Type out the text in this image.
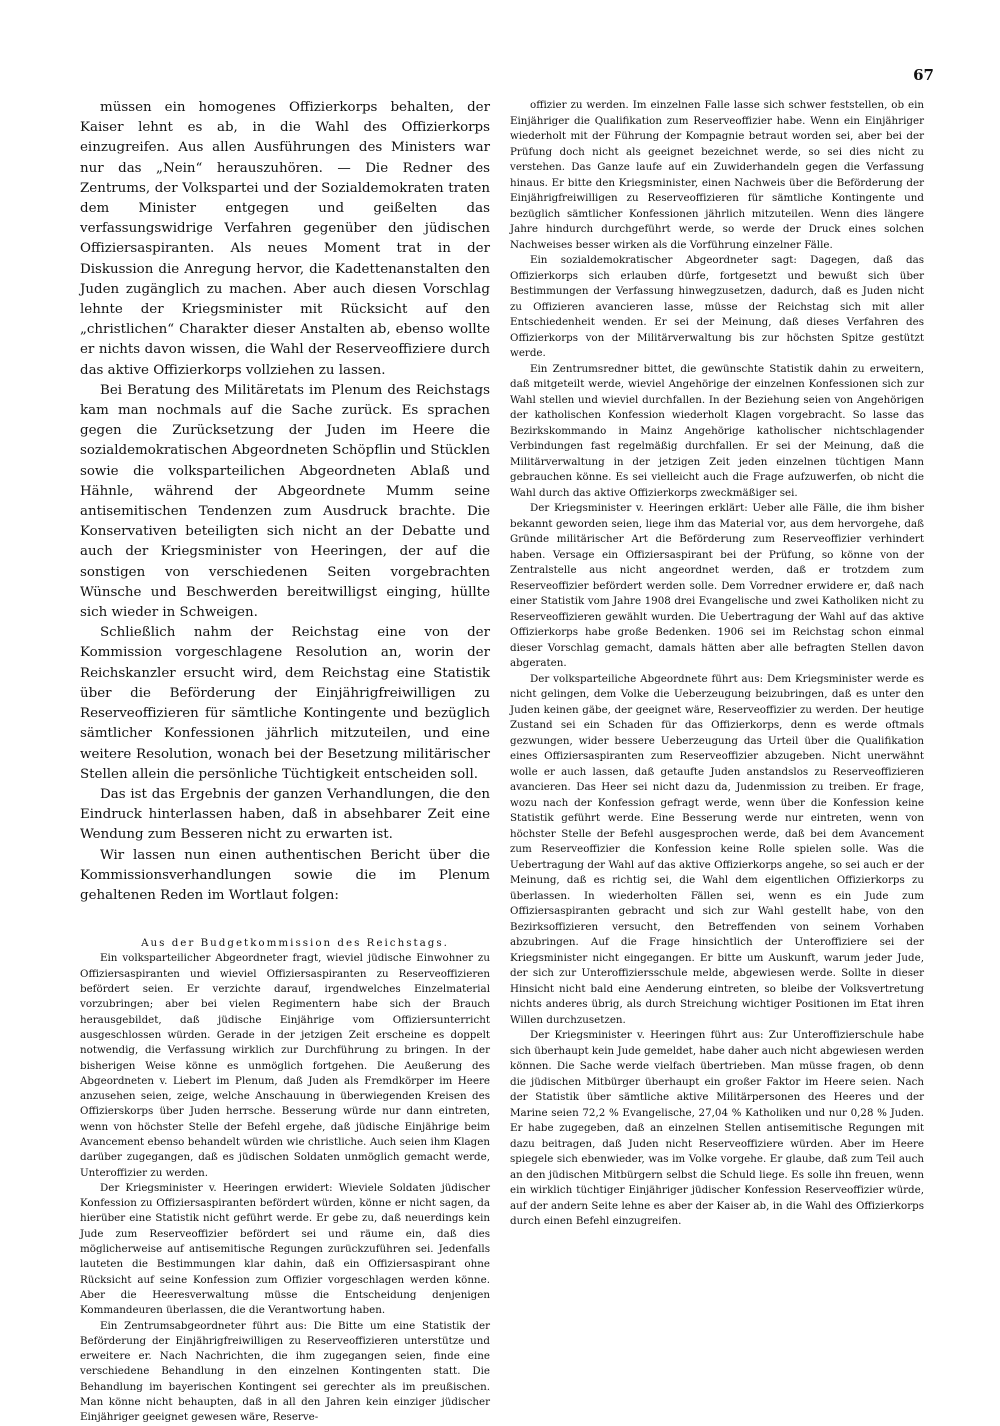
67

müssen ein homogenes Offizierkorps behalten, der Kaiser lehnt es ab, in die Wahl des Offizierkorps einzugreifen. Aus allen Ausführungen des Ministers war nur das „Nein“ herauszuhören. — Die Redner des Zentrums, der Volkspartei und der Sozialdemokraten traten dem Minister entgegen und geißelten das verfassungswidrige Verfahren gegenüber den jüdischen Offiziersaspiranten. Als neues Moment trat in der Diskussion die Anregung hervor, die Kadettenanstalten den Juden zugänglich zu machen. Aber auch diesen Vorschlag lehnte der Kriegsminister mit Rücksicht auf den „christlichen“ Charakter dieser Anstalten ab, ebenso wollte er nichts davon wissen, die Wahl der Reserveoffiziere durch das aktive Offizierkorps vollziehen zu lassen.

Bei Beratung des Militäretats im Plenum des Reichstags kam man nochmals auf die Sache zurück. Es sprachen gegen die Zurücksetzung der Juden im Heere die sozialdemokratischen Abgeordneten Schöpflin und Stücklen sowie die volksparteilichen Abgeordneten Ablaß und Hähnle, während der Abgeordnete Mumm seine antisemitischen Tendenzen zum Ausdruck brachte. Die Konservativen beteiligten sich nicht an der Debatte und auch der Kriegsminister von Heeringen, der auf die sonstigen von verschiedenen Seiten vorgebrachten Wünsche und Beschwerden bereitwilligst einging, hüllte sich wieder in Schweigen.

Schließlich nahm der Reichstag eine von der Kommission vorgeschlagene Resolution an, worin der Reichskanzler ersucht wird, dem Reichstag eine Statistik über die Beförderung der Einjährigfreiwilligen zu Reserveoffizieren für sämtliche Kontingente und bezüglich sämtlicher Konfessionen jährlich mitzuteilen, und eine weitere Resolution, wonach bei der Besetzung militärischer Stellen allein die persönliche Tüchtigkeit entscheiden soll.

Das ist das Ergebnis der ganzen Verhandlungen, die den Eindruck hinterlassen haben, daß in absehbarer Zeit eine Wendung zum Besseren nicht zu erwarten ist.

Wir lassen nun einen authentischen Bericht über die Kommissionsverhandlungen sowie die im Plenum gehaltenen Reden im Wortlaut folgen:

Aus der Budgetkommission des Reichstags.

Ein volksparteilicher Abgeordneter fragt, wieviel jüdische Einwohner zu Offiziersaspiranten und wieviel Offiziersaspiranten zu Reserveoffizieren befördert seien. Er verzichte darauf, irgendwelches Einzelmaterial vorzubringen; aber bei vielen Regimentern habe sich der Brauch herausgebildet, daß jüdische Einjährige vom Offiziersunterricht ausgeschlossen würden. Gerade in der jetzigen Zeit erscheine es doppelt notwendig, die Verfassung wirklich zur Durchführung zu bringen. In der bisherigen Weise könne es unmöglich fortgehen. Die Aeußerung des Abgeordneten v. Liebert im Plenum, daß Juden als Fremdkörper im Heere anzusehen seien, zeige, welche Anschauung in überwiegenden Kreisen des Offizierskorps über Juden herrsche. Besserung würde nur dann eintreten, wenn von höchster Stelle der Befehl ergehe, daß jüdische Einjährige beim Avancement ebenso behandelt würden wie christliche. Auch seien ihm Klagen darüber zugegangen, daß es jüdischen Soldaten unmöglich gemacht werde, Unteroffizier zu werden.

Der Kriegsminister v. Heeringen erwidert: Wieviele Soldaten jüdischer Konfession zu Offiziersaspiranten befördert würden, könne er nicht sagen, da hierüber eine Statistik nicht geführt werde. Er gebe zu, daß neuerdings kein Jude zum Reserveoffizier befördert sei und räume ein, daß dies möglicherweise auf antisemitische Regungen zurückzuführen sei. Jedenfalls lauteten die Bestimmungen klar dahin, daß ein Offiziersaspirant ohne Rücksicht auf seine Konfession zum Offizier vorgeschlagen werden könne. Aber die Heeresverwaltung müsse die Entscheidung denjenigen Kommandeuren überlassen, die die Verantwortung haben.

Ein Zentrumsabgeordneter führt aus: Die Bitte um eine Statistik der Beförderung der Einjährigfreiwilligen zu Reserveoffizieren unterstütze und erweitere er. Nach Nachrichten, die ihm zugegangen seien, finde eine verschiedene Behandlung in den einzelnen Kontingenten statt. Die Behandlung im bayerischen Kontingent sei gerechter als im preußischen. Man könne nicht behaupten, daß in all den Jahren kein einziger jüdischer Einjähriger geeignet gewesen wäre, Reserve-

offizier zu werden. Im einzelnen Falle lasse sich schwer feststellen, ob ein Einjähriger die Qualifikation zum Reserveoffizier habe. Wenn ein Einjähriger wiederholt mit der Führung der Kompagnie betraut worden sei, aber bei der Prüfung doch nicht als geeignet bezeichnet werde, so sei dies nicht zu verstehen. Das Ganze laufe auf ein Zuwiderhandeln gegen die Verfassung hinaus. Er bitte den Kriegsminister, einen Nachweis über die Beförderung der Einjährigfreiwilligen zu Reserveoffizieren für sämtliche Kontingente und bezüglich sämtlicher Konfessionen jährlich mitzuteilen. Wenn dies längere Jahre hindurch durchgeführt werde, so werde der Druck eines solchen Nachweises besser wirken als die Vorführung einzelner Fälle.

Ein sozialdemokratischer Abgeordneter sagt: Dagegen, daß das Offizierkorps sich erlauben dürfe, fortgesetzt und bewußt sich über Bestimmungen der Verfassung hinwegzusetzen, dadurch, daß es Juden nicht zu Offizieren avancieren lasse, müsse der Reichstag sich mit aller Entschiedenheit wenden. Er sei der Meinung, daß dieses Verfahren des Offizierkorps von der Militärverwaltung bis zur höchsten Spitze gestützt werde.

Ein Zentrumsredner bittet, die gewünschte Statistik dahin zu erweitern, daß mitgeteilt werde, wieviel Angehörige der einzelnen Konfessionen sich zur Wahl stellen und wieviel durchfallen. In der Beziehung seien von Angehörigen der katholischen Konfession wiederholt Klagen vorgebracht. So lasse das Bezirkskommando in Mainz Angehörige katholischer nichtschlagender Verbindungen fast regelmäßig durchfallen. Er sei der Meinung, daß die Militärverwaltung in der jetzigen Zeit jeden einzelnen tüchtigen Mann gebrauchen könne. Es sei vielleicht auch die Frage aufzuwerfen, ob nicht die Wahl durch das aktive Offizierkorps zweckmäßiger sei.

Der Kriegsminister v. Heeringen erklärt: Ueber alle Fälle, die ihm bisher bekannt geworden seien, liege ihm das Material vor, aus dem hervorgehe, daß Gründe militärischer Art die Beförderung zum Reserveoffizier verhindert haben. Versage ein Offiziersaspirant bei der Prüfung, so könne von der Zentralstelle aus nicht angeordnet werden, daß er trotzdem zum Reserveoffizier befördert werden solle. Dem Vorredner erwidere er, daß nach einer Statistik vom Jahre 1908 drei Evangelische und zwei Katholiken nicht zu Reserveoffizieren gewählt wurden. Die Uebertragung der Wahl auf das aktive Offizierkorps habe große Bedenken. 1906 sei im Reichstag schon einmal dieser Vorschlag gemacht, damals hätten aber alle befragten Stellen davon abgeraten.

Der volksparteiliche Abgeordnete führt aus: Dem Kriegsminister werde es nicht gelingen, dem Volke die Ueberzeugung beizubringen, daß es unter den Juden keinen gäbe, der geeignet wäre, Reserveoffizier zu werden. Der heutige Zustand sei ein Schaden für das Offizierkorps, denn es werde oftmals gezwungen, wider bessere Ueberzeugung das Urteil über die Qualifikation eines Offiziersaspiranten zum Reserveoffizier abzugeben. Nicht unerwähnt wolle er auch lassen, daß getaufte Juden anstandslos zu Reserveoffizieren avancieren. Das Heer sei nicht dazu da, Judenmission zu treiben. Er frage, wozu nach der Konfession gefragt werde, wenn über die Konfession keine Statistik geführt werde. Eine Besserung werde nur eintreten, wenn von höchster Stelle der Befehl ausgesprochen werde, daß bei dem Avancement zum Reserveoffizier die Konfession keine Rolle spielen solle. Was die Uebertragung der Wahl auf das aktive Offizierkorps angehe, so sei auch er der Meinung, daß es richtig sei, die Wahl dem eigentlichen Offizierkorps zu überlassen. In wiederholten Fällen sei, wenn es ein Jude zum Offiziersaspiranten gebracht und sich zur Wahl gestellt habe, von den Bezirksoffizieren versucht, den Betreffenden von seinem Vorhaben abzubringen. Auf die Frage hinsichtlich der Unteroffiziere sei der Kriegsminister nicht eingegangen. Er bitte um Auskunft, warum jeder Jude, der sich zur Unteroffiziersschule melde, abgewiesen werde. Sollte in dieser Hinsicht nicht bald eine Aenderung eintreten, so bleibe der Volksvertretung nichts anderes übrig, als durch Streichung wichtiger Positionen im Etat ihren Willen durchzusetzen.

Der Kriegsminister v. Heeringen führt aus: Zur Unteroffizierschule habe sich überhaupt kein Jude gemeldet, habe daher auch nicht abgewiesen werden können. Die Sache werde vielfach übertrieben. Man müsse fragen, ob denn die jüdischen Mitbürger überhaupt ein großer Faktor im Heere seien. Nach der Statistik über sämtliche aktive Militärpersonen des Heeres und der Marine seien 72,2 % Evangelische, 27,04 % Katholiken und nur 0,28 % Juden. Er habe zugegeben, daß an einzelnen Stellen antisemitische Regungen mit dazu beitragen, daß Juden nicht Reserveoffiziere würden. Aber im Heere spiegele sich ebenwieder, was im Volke vorgehe. Er glaube, daß zum Teil auch an den jüdischen Mitbürgern selbst die Schuld liege. Es solle ihn freuen, wenn ein wirklich tüchtiger Einjähriger jüdischer Konfession Reserveoffizier würde, auf der andern Seite lehne es aber der Kaiser ab, in die Wahl des Offizierkorps durch einen Befehl einzugreifen.
